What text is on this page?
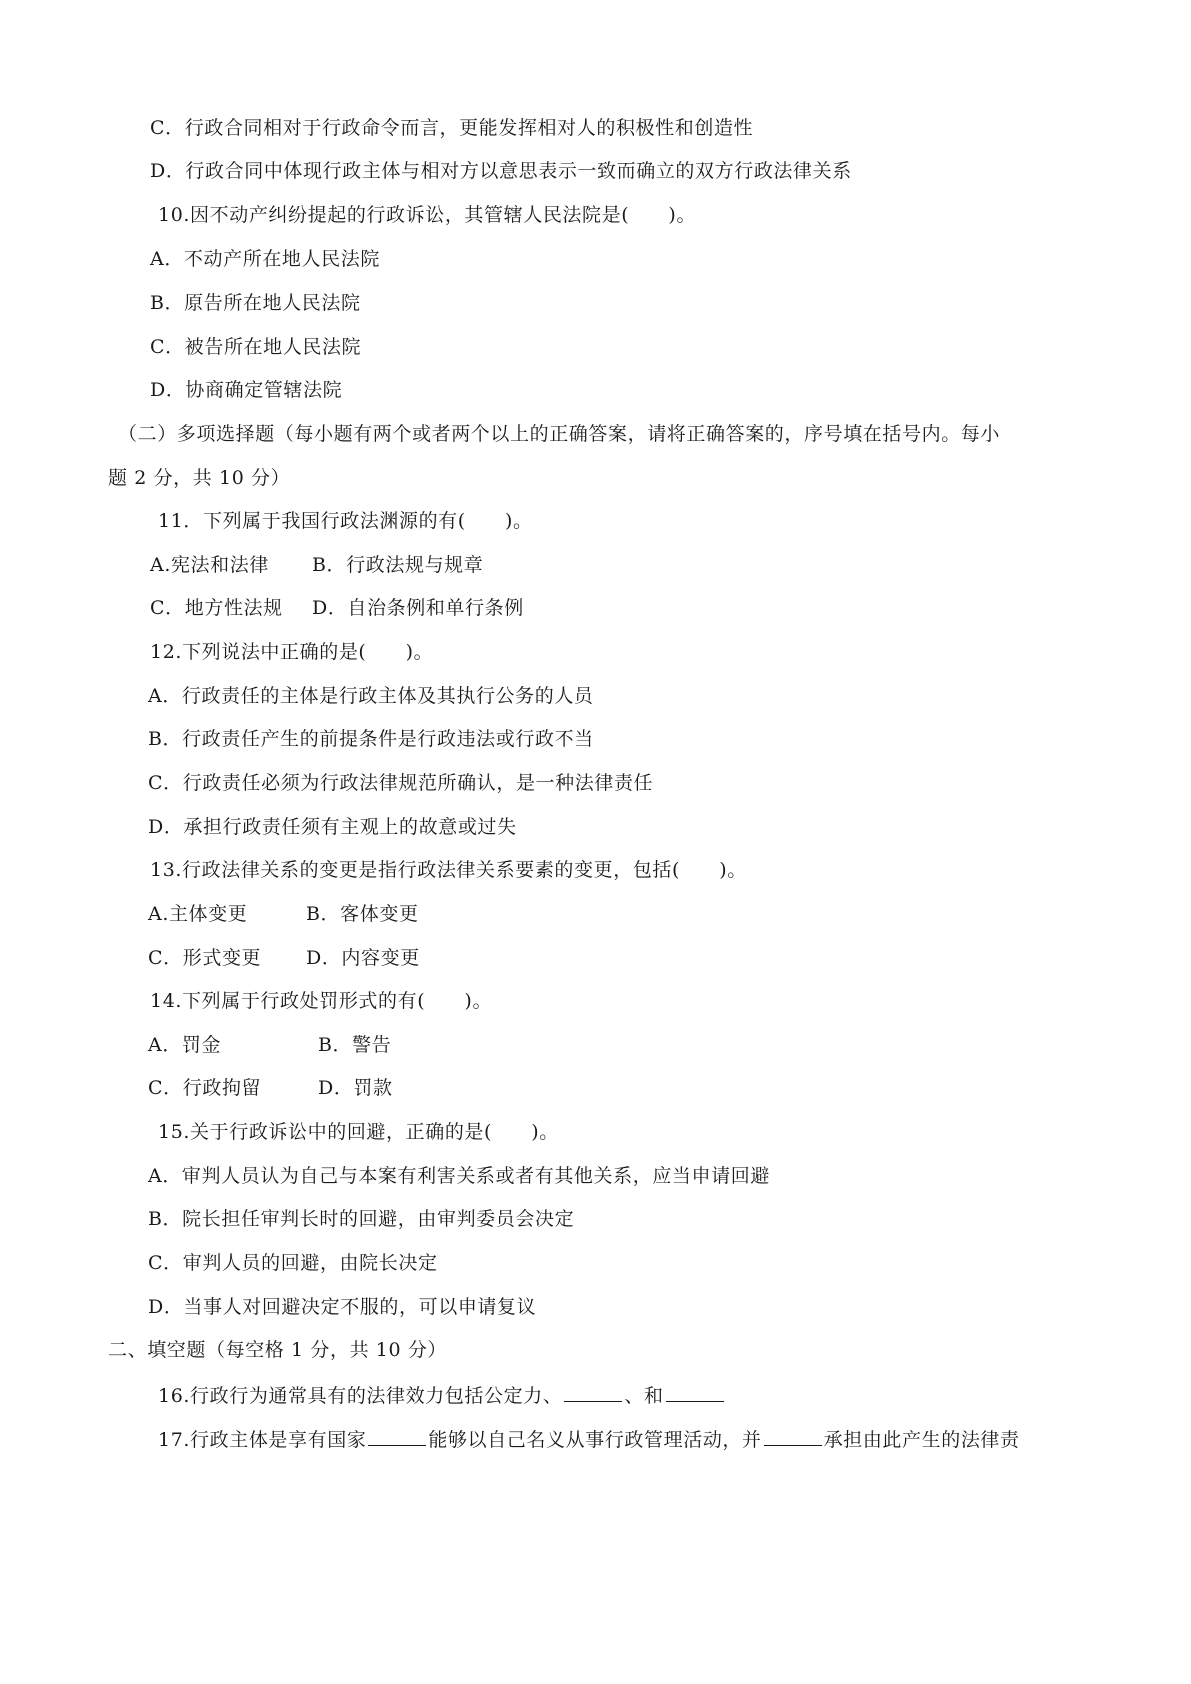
C．行政合同相对于行政命令而言，更能发挥相对人的积极性和创造性
D．行政合同中体现行政主体与相对方以意思表示一致而确立的双方行政法律关系
10.因不动产纠纷提起的行政诉讼，其管辖人民法院是(　　)。
A．不动产所在地人民法院
B．原告所在地人民法院
C．被告所在地人民法院
D．协商确定管辖法院
（二）多项选择题（每小题有两个或者两个以上的正确答案，请将正确答案的，序号填在括号内。每小
题 2 分，共 10 分）
11．下列属于我国行政法渊源的有(　　)。
A.宪法和法律 B．行政法规与规章
C．地方性法规 D．自治条例和单行条例
12.下列说法中正确的是(　　)。
A．行政责任的主体是行政主体及其执行公务的人员
B．行政责任产生的前提条件是行政违法或行政不当
C．行政责任必须为行政法律规范所确认，是一种法律责任
D．承担行政责任须有主观上的故意或过失
13.行政法律关系的变更是指行政法律关系要素的变更，包括(　　)。
A.主体变更	B．客体变更
C．形式变更 D．内容变更
14.下列属于行政处罚形式的有(　　)。
A．罚金	B．警告
C．行政拘留	D．罚款
15.关于行政诉讼中的回避，正确的是(　　)。
A．审判人员认为自己与本案有利害关系或者有其他关系，应当申请回避
B．院长担任审判长时的回避，由审判委员会决定
C．审判人员的回避，由院长决定
D．当事人对回避决定不服的，可以申请复议
二、填空题（每空格 1 分，共 10 分）
16.行政行为通常具有的法律效力包括公定力、	、和
17.行政主体是享有国家	能够以自己名义从事行政管理活动，并	承担由此产生的法律责
